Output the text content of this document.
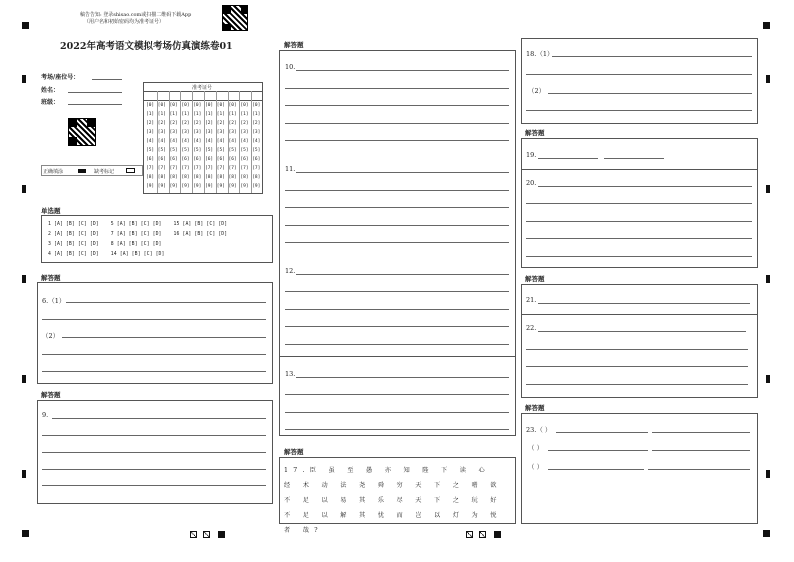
稿告告知: 登录shisao.com或扫描二维码下载App
（用户名和初始密码均为准考证号）
2022年高考语文模拟考场仿真演练卷01
考场/座位号：
姓名：
班级：
准考证号
[0]
[1]
[2]
[3]
[4]
[5]
[6]
[7]
[8]
[9]
[0]
[1]
[2]
[3]
[4]
[5]
[6]
[7]
[8]
[9]
[0]
[1]
[2]
[3]
[4]
[5]
[6]
[7]
[8]
[9]
[0]
[1]
[2]
[3]
[4]
[5]
[6]
[7]
[8]
[9]
[0]
[1]
[2]
[3]
[4]
[5]
[6]
[7]
[8]
[9]
[0]
[1]
[2]
[3]
[4]
[5]
[6]
[7]
[8]
[9]
[0]
[1]
[2]
[3]
[4]
[5]
[6]
[7]
[8]
[9]
[0]
[1]
[2]
[3]
[4]
[5]
[6]
[7]
[8]
[9]
[0]
[1]
[2]
[3]
[4]
[5]
[6]
[7]
[8]
[9]
[0]
[1]
[2]
[3]
[4]
[5]
[6]
[7]
[8]
[9]
正确填涂	缺考标记
单选题
1 [A] [B] [C] [D]    5 [A] [B] [C] [D]    15 [A] [B] [C] [D]
2 [A] [B] [C] [D]    7 [A] [B] [C] [D]    16 [A] [B] [C] [D]
3 [A] [B] [C] [D]    8 [A] [B] [C] [D]
4 [A] [B] [C] [D]    14 [A] [B] [C] [D]
解答题
6.（1）
（2）
解答题
9.
解答题
10.
11.
12.
13.
解答题
17.臣 虽 至 愚 亦 知 陛 下 读 心 经 术 动 法 尧 舜 穷 天 下 之 嗜 欲 不 足 以 易 其 乐 尽 天 下 之 玩 好 不 足 以 解 其 忧 而 岂 以 灯 为 悦 者 哉?
18.（1）
（2）
解答题
19.
20.
解答题
21.
22.
解答题
23.（ ）
（ ）
（ ）
